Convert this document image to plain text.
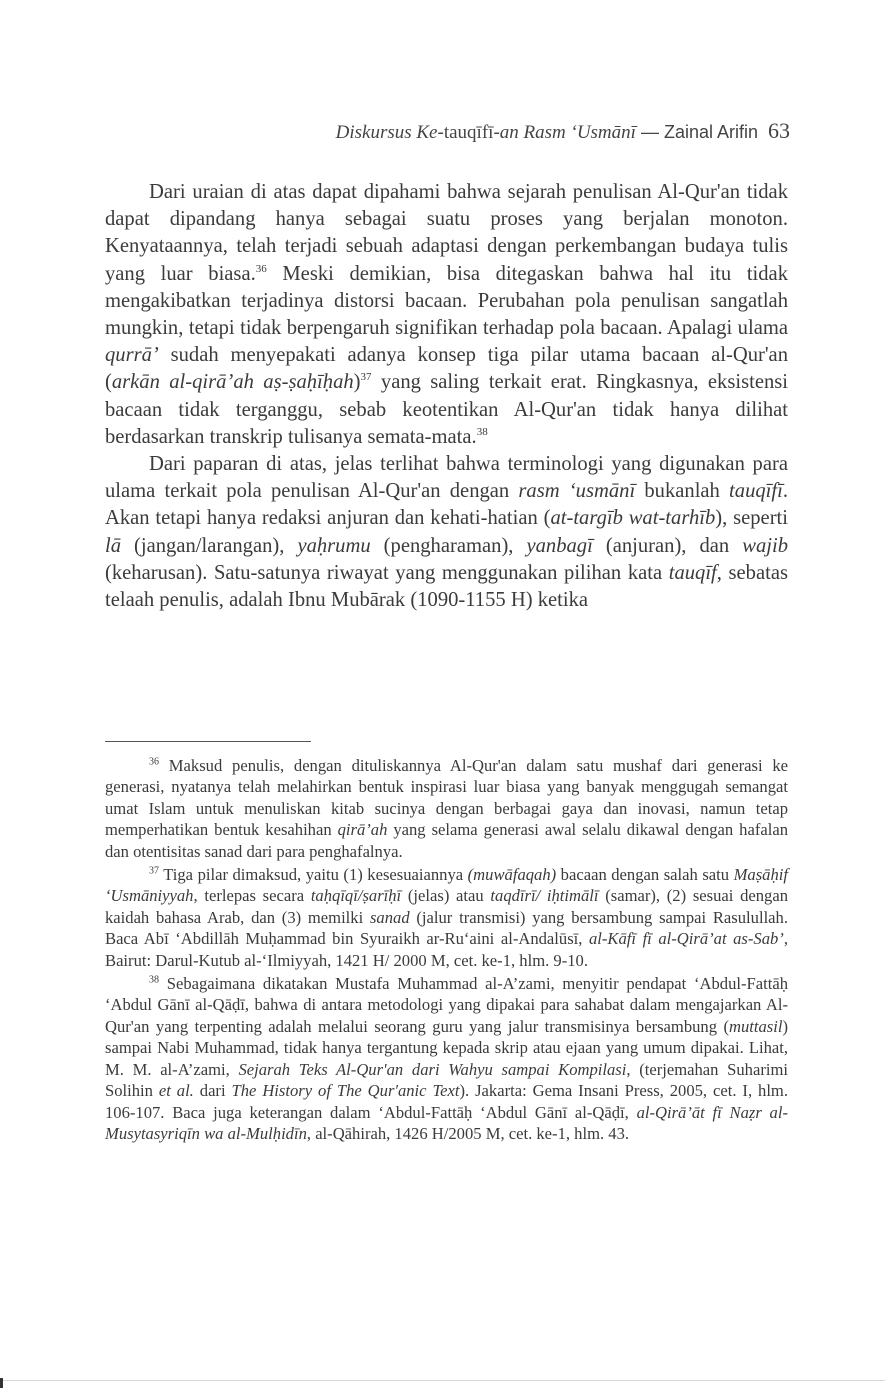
Diskursus Ke-tauqīfī-an Rasm ‘Usmānī — Zainal Arifin 63

Dari uraian di atas dapat dipahami bahwa sejarah penulisan Al-Qur'an tidak dapat dipandang hanya sebagai suatu proses yang berjalan monoton. Kenyataannya, telah terjadi sebuah adaptasi dengan perkembangan budaya tulis yang luar biasa.$^{36}$ Meski demikian, bisa ditegaskan bahwa hal itu tidak mengakibatkan terjadinya distorsi bacaan. Perubahan pola penulisan sangatlah mungkin, tetapi tidak berpengaruh signifikan terhadap pola bacaan. Apalagi ulama qurrā’ sudah menyepakati adanya konsep tiga pilar utama bacaan al-Qur'an (arkān al-qirā’ah aṣ-ṣaḥīḥah)$^{37}$ yang saling terkait erat. Ringkasnya, eksistensi bacaan tidak terganggu, sebab keotentikan Al-Qur'an tidak hanya dilihat berdasarkan transkrip tulisanya semata-mata.$^{38}$

Dari paparan di atas, jelas terlihat bahwa terminologi yang digunakan para ulama terkait pola penulisan Al-Qur'an dengan rasm ‘usmānī bukanlah tauqīfī. Akan tetapi hanya redaksi anjuran dan kehati-hatian (at-targīb wat-tarhīb), seperti lā (jangan/larangan), yaḥrumu (pengharaman), yanbagī (anjuran), dan wajib (keharusan). Satu-satunya riwayat yang menggunakan pilihan kata tauqīf, sebatas telaah penulis, adalah Ibnu Mubārak (1090-1155 H) ketika

$^{36}$ Maksud penulis, dengan dituliskannya Al-Qur'an dalam satu mushaf dari generasi ke generasi, nyatanya telah melahirkan bentuk inspirasi luar biasa yang banyak menggugah semangat umat Islam untuk menuliskan kitab sucinya dengan berbagai gaya dan inovasi, namun tetap memperhatikan bentuk kesahihan qirā’ah yang selama generasi awal selalu dikawal dengan hafalan dan otentisitas sanad dari para penghafalnya.

$^{37}$ Tiga pilar dimaksud, yaitu (1) kesesuaiannya (muwāfaqah) bacaan dengan salah satu Maṣāḥif ‘Usmāniyyah, terlepas secara taḥqīqī/ṣarīḥī (jelas) atau taqdīrī/ iḥtimālī (samar), (2) sesuai dengan kaidah bahasa Arab, dan (3) memilki sanad (jalur transmisi) yang bersambung sampai Rasulullah. Baca Abī ‘Abdillāh Muḥammad bin Syuraikh ar-Ru‘aini al-Andalūsī, al-Kāfī fī al-Qirā’at as-Sab’, Bairut: Darul-Kutub al-‘Ilmiyyah, 1421 H/ 2000 M, cet. ke-1, hlm. 9-10.

$^{38}$ Sebagaimana dikatakan Mustafa Muhammad al-A’zami, menyitir pendapat ‘Abdul-Fattāḥ ‘Abdul Gānī al-Qāḍī, bahwa di antara metodologi yang dipakai para sahabat dalam mengajarkan Al-Qur'an yang terpenting adalah melalui seorang guru yang jalur transmisinya bersambung (muttasil) sampai Nabi Muhammad, tidak hanya tergantung kepada skrip atau ejaan yang umum dipakai. Lihat, M. M. al-A’zami, Sejarah Teks Al-Qur'an dari Wahyu sampai Kompilasi, (terjemahan Suharimi Solihin et al. dari The History of The Qur'anic Text). Jakarta: Gema Insani Press, 2005, cet. I, hlm. 106-107. Baca juga keterangan dalam ‘Abdul-Fattāḥ ‘Abdul Gānī al-Qāḍī, al-Qirā’āt fī Naẓr al-Musytasyriqīn wa al-Mulḥidīn, al-Qāhirah, 1426 H/2005 M, cet. ke-1, hlm. 43.
